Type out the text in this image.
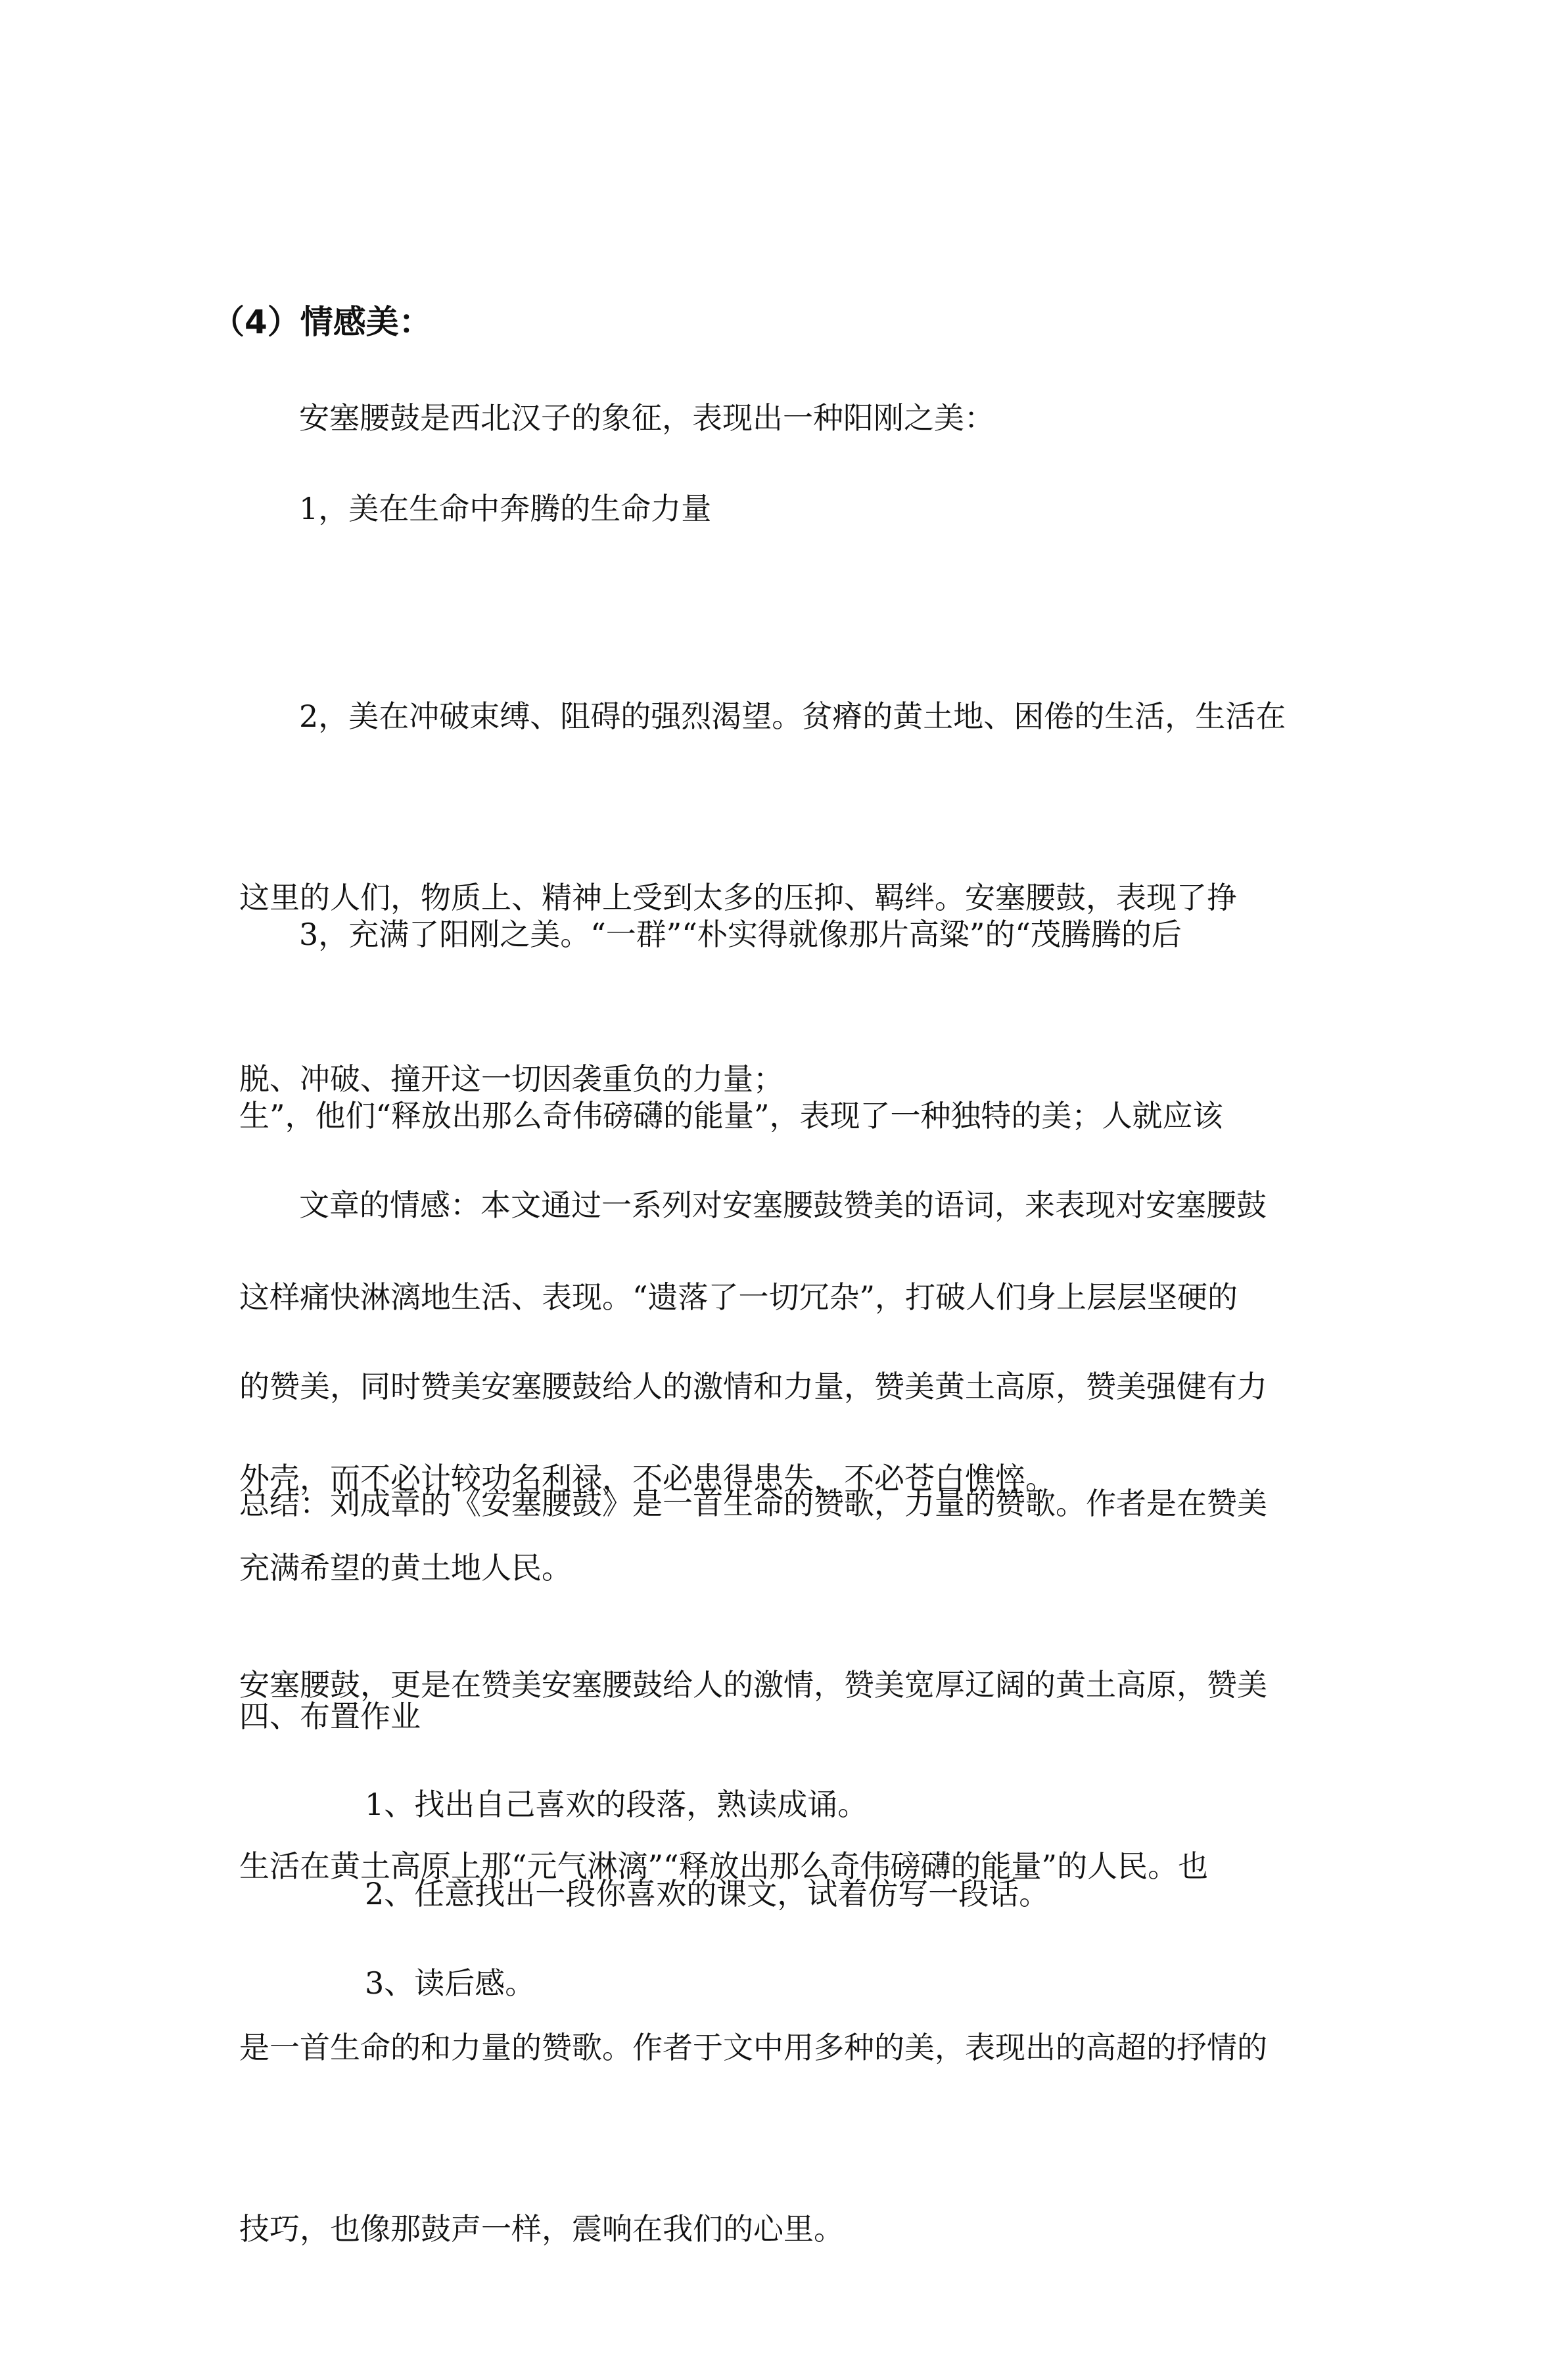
（4）情感美：

安塞腰鼓是西北汉子的象征，表现出一种阳刚之美：

1，美在生命中奔腾的生命力量

2，美在冲破束缚、阻碍的强烈渴望。贫瘠的黄土地、困倦的生活，生活在

这里的人们，物质上、精神上受到太多的压抑、羁绊。安塞腰鼓，表现了挣

脱、冲破、撞开这一切因袭重负的力量；

3，充满了阳刚之美。“一群”“朴实得就像那片高粱”的“茂腾腾的后

生”，他们“释放出那么奇伟磅礴的能量”，表现了一种独特的美；人就应该

这样痛快淋漓地生活、表现。“遗落了一切冗杂”，打破人们身上层层坚硬的

外壳，而不必计较功名利禄，不必患得患失，不必苍白憔悴。

文章的情感：本文通过一系列对安塞腰鼓赞美的语词，来表现对安塞腰鼓

的赞美，同时赞美安塞腰鼓给人的激情和力量，赞美黄土高原，赞美强健有力

充满希望的黄土地人民。

总结：刘成章的《安塞腰鼓》是一首生命的赞歌，力量的赞歌。作者是在赞美

安塞腰鼓，更是在赞美安塞腰鼓给人的激情，赞美宽厚辽阔的黄土高原，赞美

生活在黄土高原上那“元气淋漓”“释放出那么奇伟磅礴的能量”的人民。也

是一首生命的和力量的赞歌。作者于文中用多种的美，表现出的高超的抒情的

技巧，也像那鼓声一样，震响在我们的心里。

四、布置作业

1、找出自己喜欢的段落，熟读成诵。

2、任意找出一段你喜欢的课文，试着仿写一段话。

3、读后感。
